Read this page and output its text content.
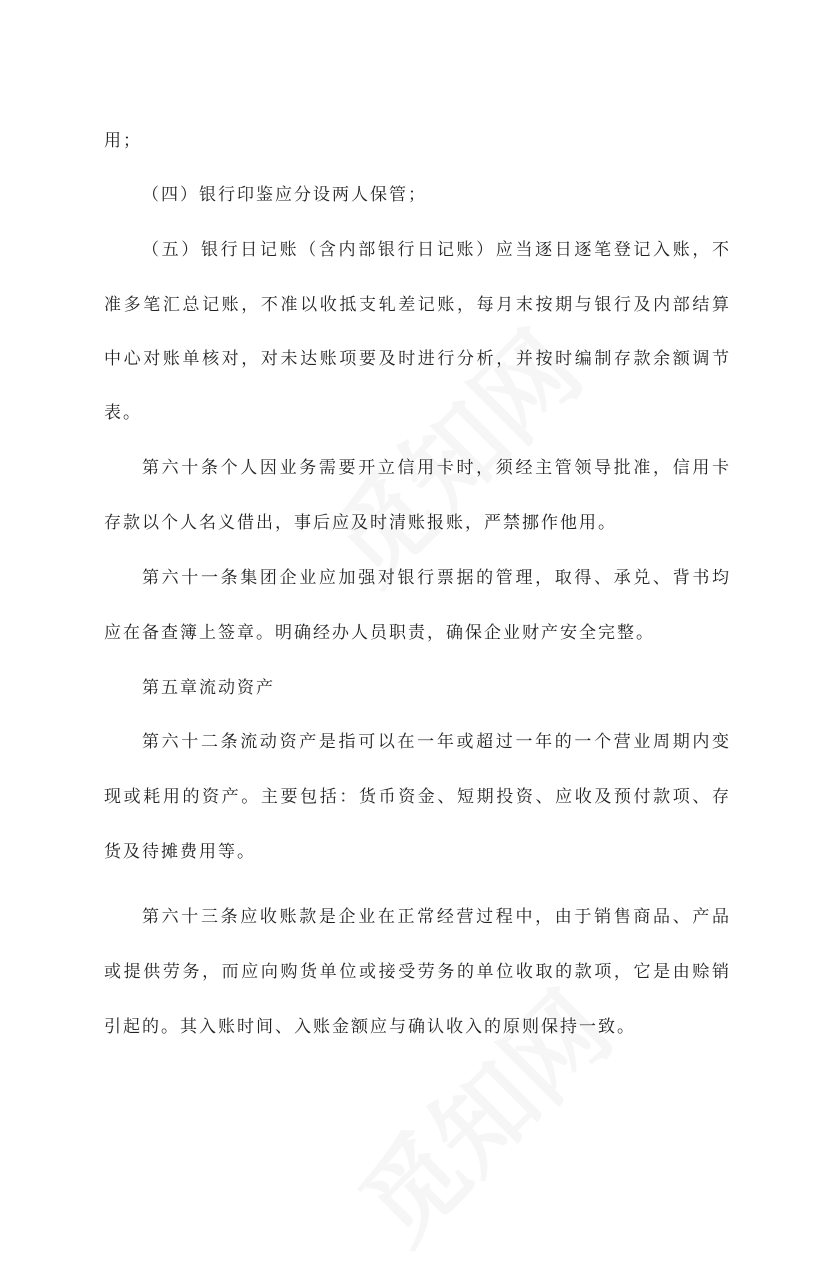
用；
（四）银行印鉴应分设两人保管；
（五）银行日记账（含内部银行日记账）应当逐日逐笔登记入账，不
准多笔汇总记账，不准以收抵支轧差记账，每月末按期与银行及内部结算
中心对账单核对，对未达账项要及时进行分析，并按时编制存款余额调节
表。
第六十条个人因业务需要开立信用卡时，须经主管领导批准，信用卡
存款以个人名义借出，事后应及时清账报账，严禁挪作他用。
第六十一条集团企业应加强对银行票据的管理，取得、承兑、背书均
应在备查簿上签章。明确经办人员职责，确保企业财产安全完整。
第五章流动资产
第六十二条流动资产是指可以在一年或超过一年的一个营业周期内变
现或耗用的资产。主要包括：货币资金、短期投资、应收及预付款项、存
货及待摊费用等。
第六十三条应收账款是企业在正常经营过程中，由于销售商品、产品
或提供劳务，而应向购货单位或接受劳务的单位收取的款项，它是由赊销
引起的。其入账时间、入账金额应与确认收入的原则保持一致。
